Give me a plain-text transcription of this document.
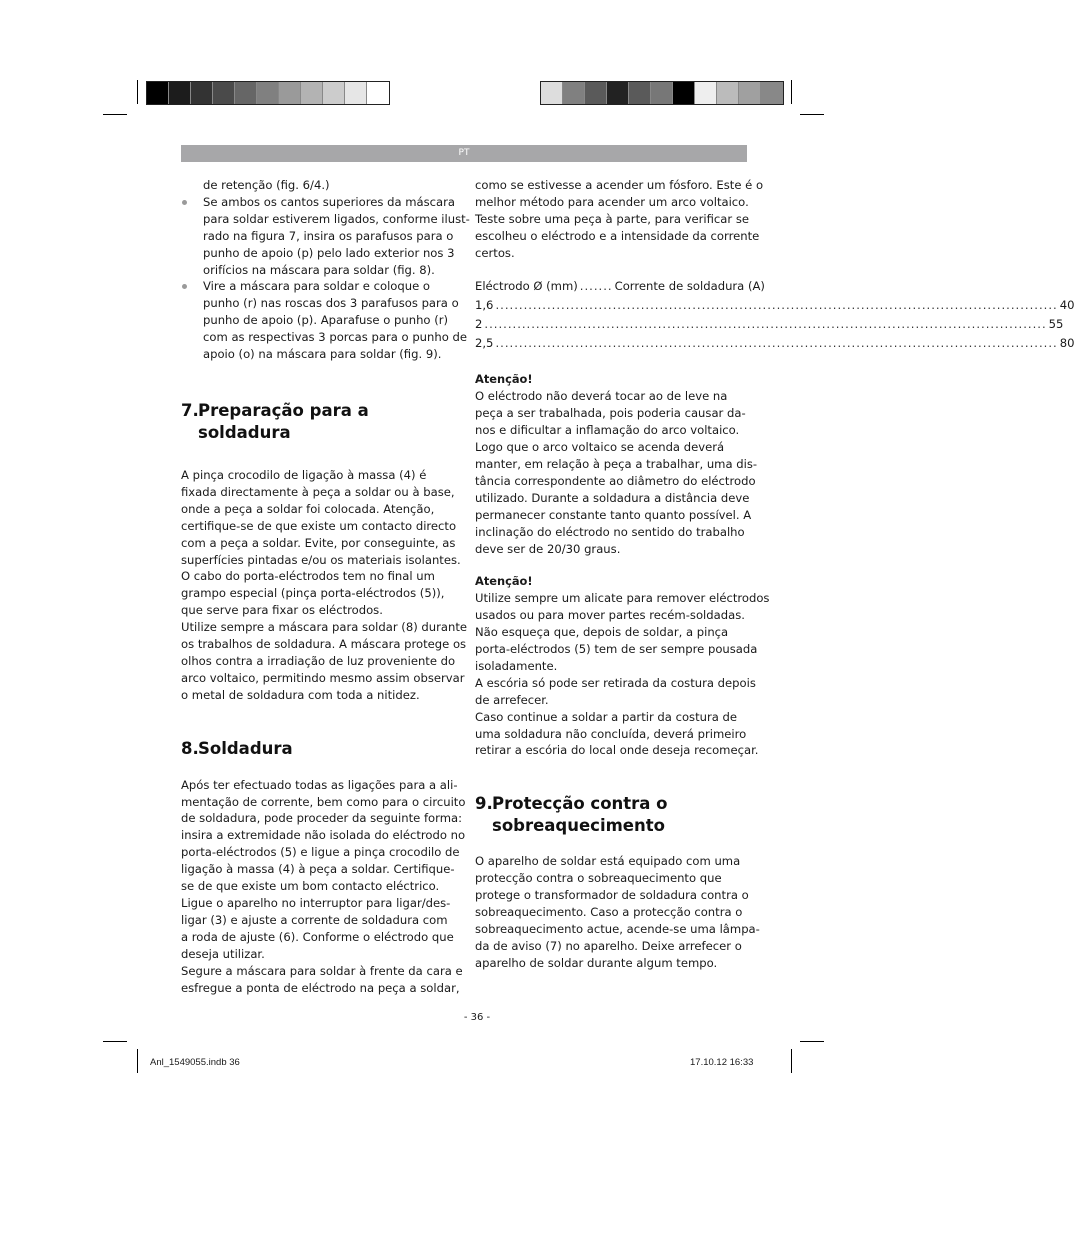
PT

de retenção (fig. 6/4.)

Se ambos os cantos superiores da máscara
para soldar estiverem ligados, conforme ilust-
rado na figura 7, insira os parafusos para o
punho de apoio (p) pelo lado exterior nos 3
orifícios na máscara para soldar (fig. 8).
Vire a máscara para soldar e coloque o
punho (r) nas roscas dos 3 parafusos para o
punho de apoio (p). Aparafuse o punho (r)
com as respectivas 3 porcas para o punho de
apoio (o) na máscara para soldar (fig. 9).
7. Preparação para a
soldadura
A pinça crocodilo de ligação à massa (4) é
fixada directamente à peça a soldar ou à base,
onde a peça a soldar foi colocada. Atenção,
certifique-se de que existe um contacto directo
com a peça a soldar. Evite, por conseguinte, as
superfícies pintadas e/ou os materiais isolantes.
O cabo do porta-eléctrodos tem no final um
grampo especial (pinça porta-eléctrodos (5)),
que serve para fixar os eléctrodos.
Utilize sempre a máscara para soldar (8) durante
os trabalhos de soldadura. A máscara protege os
olhos contra a irradiação de luz proveniente do
arco voltaico, permitindo mesmo assim observar
o metal de soldadura com toda a nitidez.
8. Soldadura
Após ter efectuado todas as ligações para a ali-
mentação de corrente, bem como para o circuito
de soldadura, pode proceder da seguinte forma:
insira a extremidade não isolada do eléctrodo no
porta-eléctrodos (5) e ligue a pinça crocodilo de
ligação à massa (4) à peça a soldar. Certifique-
se de que existe um bom contacto eléctrico.
Ligue o aparelho no interruptor para ligar/des-
ligar (3) e ajuste a corrente de soldadura com
a roda de ajuste (6). Conforme o eléctrodo que
deseja utilizar.
Segure a máscara para soldar à frente da cara e
esfregue a ponta de eléctrodo na peça a soldar,
como se estivesse a acender um fósforo. Este é o
melhor método para acender um arco voltaico.
Teste sobre uma peça à parte, para verificar se
escolheu o eléctrodo e a intensidade da corrente
certos.
Eléctrodo Ø (mm) ....... Corrente de soldadura (A)
1,6 ........................................................................................................................ 40
2 ........................................................................................................................ 55
2,5 ........................................................................................................................ 80

Atenção!

O eléctrodo não deverá tocar ao de leve na
peça a ser trabalhada, pois poderia causar da-
nos e dificultar a inflamação do arco voltaico.
Logo que o arco voltaico se acenda deverá
manter, em relação à peça a trabalhar, uma dis-
tância correspondente ao diâmetro do eléctrodo
utilizado. Durante a soldadura a distância deve
permanecer constante tanto quanto possível. A
inclinação do eléctrodo no sentido do trabalho
deve ser de 20/30 graus.

Atenção!

Utilize sempre um alicate para remover eléctrodos
usados ou para mover partes recém-soldadas.
Não esqueça que, depois de soldar, a pinça
porta-eléctrodos (5) tem de ser sempre pousada
isoladamente.
A escória só pode ser retirada da costura depois
de arrefecer.
Caso continue a soldar a partir da costura de
uma soldadura não concluída, deverá primeiro
retirar a escória do local onde deseja recomeçar.
9. Protecção contra o
sobreaquecimento
O aparelho de soldar está equipado com uma
protecção contra o sobreaquecimento que
protege o transformador de soldadura contra o
sobreaquecimento. Caso a protecção contra o
sobreaquecimento actue, acende-se uma lâmpa-
da de aviso (7) no aparelho. Deixe arrefecer o
aparelho de soldar durante algum tempo.
- 36 -
Anl_1549055.indb 36	17.10.12 16:33
